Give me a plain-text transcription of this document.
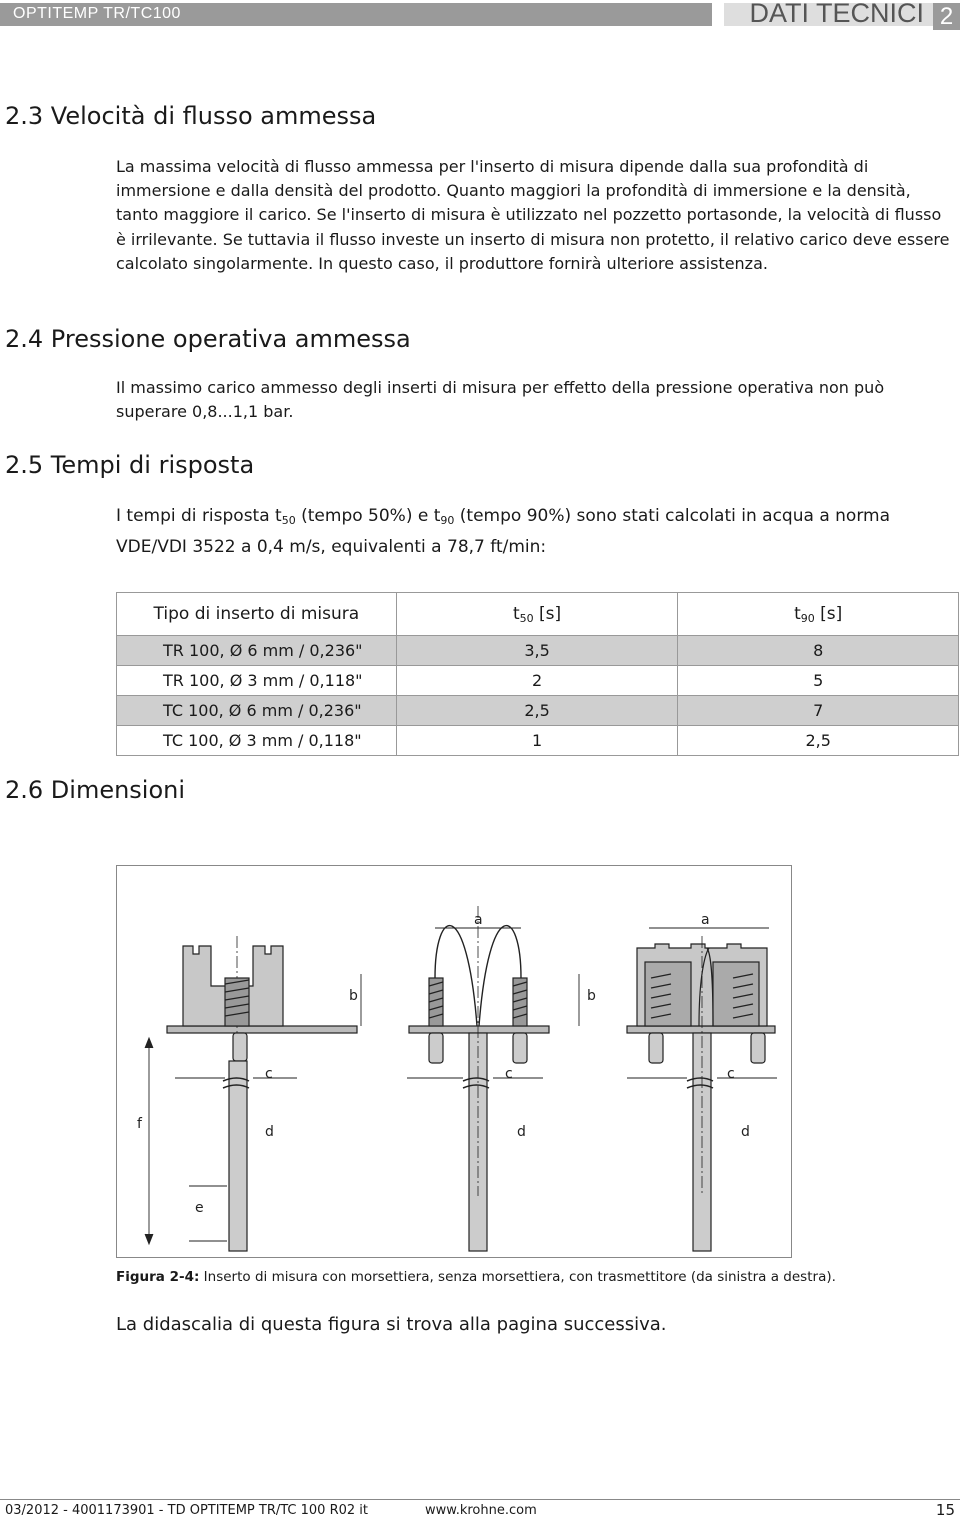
OPTITEMP TR/TC100	DATI TECNICI 2
2.3 Velocità di flusso ammessa
La massima velocità di flusso ammessa per l'inserto di misura dipende dalla sua profondità di immersione e dalla densità del prodotto. Quanto maggiori la profondità di immersione e la densità, tanto maggiore il carico. Se l'inserto di misura è utilizzato nel pozzetto portasonde, la velocità di flusso è irrilevante. Se tuttavia il flusso investe un inserto di misura non protetto, il relativo carico deve essere calcolato singolarmente. In questo caso, il produttore fornirà ulteriore assistenza.
2.4 Pressione operativa ammessa
Il massimo carico ammesso degli inserti di misura per effetto della pressione operativa non può superare 0,8...1,1 bar.
2.5 Tempi di risposta
I tempi di risposta $t_{50}$ (tempo 50%) e $t_{90}$ (tempo 90%) sono stati calcolati in acqua a norma VDE/VDI 3522 a 0,4 m/s, equivalenti a 78,7 ft/min:
Tipo di inserto di misura	$t_{50}$ [s]	$t_{90}$ [s]
TR 100, Ø 6 mm / 0,236"	3,5	8
TR 100, Ø 3 mm / 0,118"	2	5
TC 100, Ø 6 mm / 0,236"	2,5	7
TC 100, Ø 3 mm / 0,118"	1	2,5
2.6 Dimensioni
a	a
b	b
c	c	c
f	d	d	d
e
Figura 2-4: Inserto di misura con morsettiera, senza morsettiera, con trasmettitore (da sinistra a destra).
La didascalia di questa figura si trova alla pagina successiva.
03/2012 - 4001173901 - TD OPTITEMP TR/TC 100 R02 it	www.krohne.com	15
